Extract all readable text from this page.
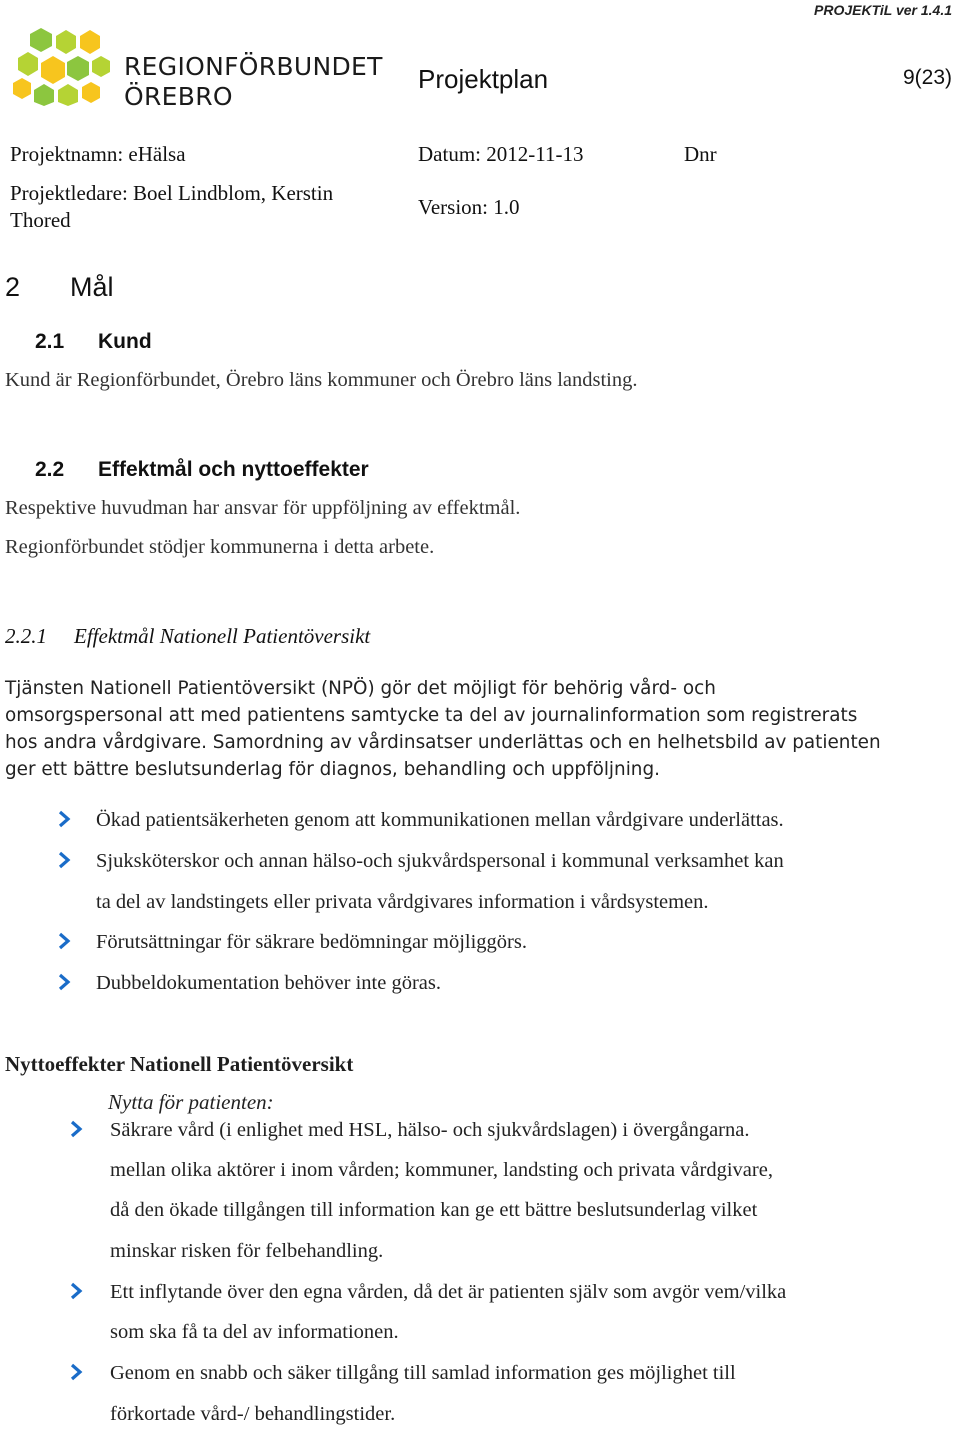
PROJEKTiL ver 1.4.1
REGIONFÖRBUNDET
ÖREBRO
Projektplan	9(23)
Projektnamn: eHälsa	Datum: 2012-11-13	Dnr
Projektledare: Boel Lindblom, Kerstin
Thored
Version: 1.0
2 Mål
2.1 Kund
Kund är Regionförbundet, Örebro läns kommuner och Örebro läns landsting.
2.2 Effektmål och nyttoeffekter
Respektive huvudman har ansvar för uppföljning av effektmål.
Regionförbundet stödjer kommunerna i detta arbete.
2.2.1 Effektmål Nationell Patientöversikt
Tjänsten Nationell Patientöversikt (NPÖ) gör det möjligt för behörig vård- och
omsorgspersonal att med patientens samtycke ta del av journalinformation som registrerats
hos andra vårdgivare. Samordning av vårdinsatser underlättas och en helhetsbild av patienten
ger ett bättre beslutsunderlag för diagnos, behandling och uppföljning.
Ökad patientsäkerheten genom att kommunikationen mellan vårdgivare underlättas.
Sjuksköterskor och annan hälso-och sjukvårdspersonal i kommunal verksamhet kan
ta del av landstingets eller privata vårdgivares information i vårdsystemen.
Förutsättningar för säkrare bedömningar möjliggörs.
Dubbeldokumentation behöver inte göras.
Nyttoeffekter Nationell Patientöversikt
Nytta för patienten:
Säkrare vård (i enlighet med HSL, hälso- och sjukvårdslagen) i övergångarna.
mellan olika aktörer i inom vården; kommuner, landsting och privata vårdgivare,
då den ökade tillgången till information kan ge ett bättre beslutsunderlag vilket
minskar risken för felbehandling.
Ett inflytande över den egna vården, då det är patienten själv som avgör vem/vilka
som ska få ta del av informationen.
Genom en snabb och säker tillgång till samlad information ges möjlighet till
förkortade vård-/ behandlingstider.
